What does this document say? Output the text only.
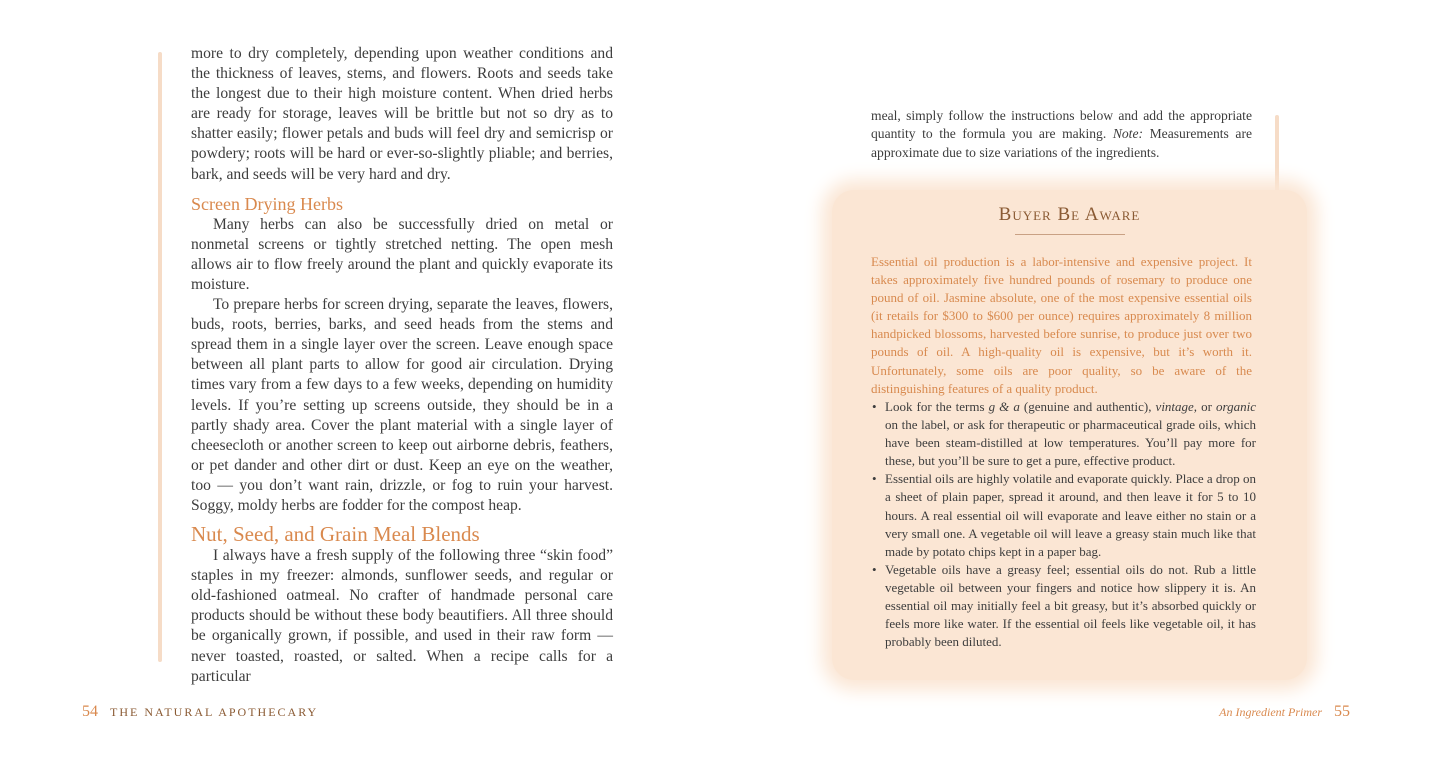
more to dry completely, depending upon weather conditions and the thickness of leaves, stems, and flowers. Roots and seeds take the longest due to their high moisture content. When dried herbs are ready for storage, leaves will be brittle but not so dry as to shatter easily; flower petals and buds will feel dry and semicrisp or powdery; roots will be hard or ever-so-slightly pliable; and berries, bark, and seeds will be very hard and dry.

Screen Drying Herbs

Many herbs can also be successfully dried on metal or nonmetal screens or tightly stretched netting. The open mesh allows air to flow freely around the plant and quickly evaporate its moisture.

To prepare herbs for screen drying, separate the leaves, flowers, buds, roots, berries, barks, and seed heads from the stems and spread them in a single layer over the screen. Leave enough space between all plant parts to allow for good air circulation. Drying times vary from a few days to a few weeks, depending on humidity levels. If you’re setting up screens outside, they should be in a partly shady area. Cover the plant material with a single layer of cheesecloth or another screen to keep out airborne debris, feathers, or pet dander and other dirt or dust. Keep an eye on the weather, too — you don’t want rain, drizzle, or fog to ruin your harvest. Soggy, moldy herbs are fodder for the compost heap.

Nut, Seed, and Grain Meal Blends

I always have a fresh supply of the following three “skin food” staples in my freezer: almonds, sunflower seeds, and regular or old-fashioned oatmeal. No crafter of handmade personal care products should be without these body beautifiers. All three should be organically grown, if possible, and used in their raw form — never toasted, roasted, or salted. When a recipe calls for a particular

54 THE NATURAL APOTHECARY

meal, simply follow the instructions below and add the appropriate quantity to the formula you are making. Note: Measurements are approximate due to size variations of the ingredients.

Buyer Be Aware

Essential oil production is a labor-intensive and expensive project. It takes approximately five hundred pounds of rosemary to produce one pound of oil. Jasmine absolute, one of the most expensive essential oils (it retails for $300 to $600 per ounce) requires approximately 8 million handpicked blossoms, harvested before sunrise, to produce just over two pounds of oil. A high-quality oil is expensive, but it’s worth it. Unfortunately, some oils are poor quality, so be aware of the distinguishing features of a quality product.

• Look for the terms g & a (genuine and authentic), vintage, or organic on the label, or ask for therapeutic or pharmaceutical grade oils, which have been steam-distilled at low temperatures. You’ll pay more for these, but you’ll be sure to get a pure, effective product.
• Essential oils are highly volatile and evaporate quickly. Place a drop on a sheet of plain paper, spread it around, and then leave it for 5 to 10 hours. A real essential oil will evaporate and leave either no stain or a very small one. A vegetable oil will leave a greasy stain much like that made by potato chips kept in a paper bag.
• Vegetable oils have a greasy feel; essential oils do not. Rub a little vegetable oil between your fingers and notice how slippery it is. An essential oil may initially feel a bit greasy, but it’s absorbed quickly or feels more like water. If the essential oil feels like vegetable oil, it has probably been diluted.
An Ingredient Primer 55
